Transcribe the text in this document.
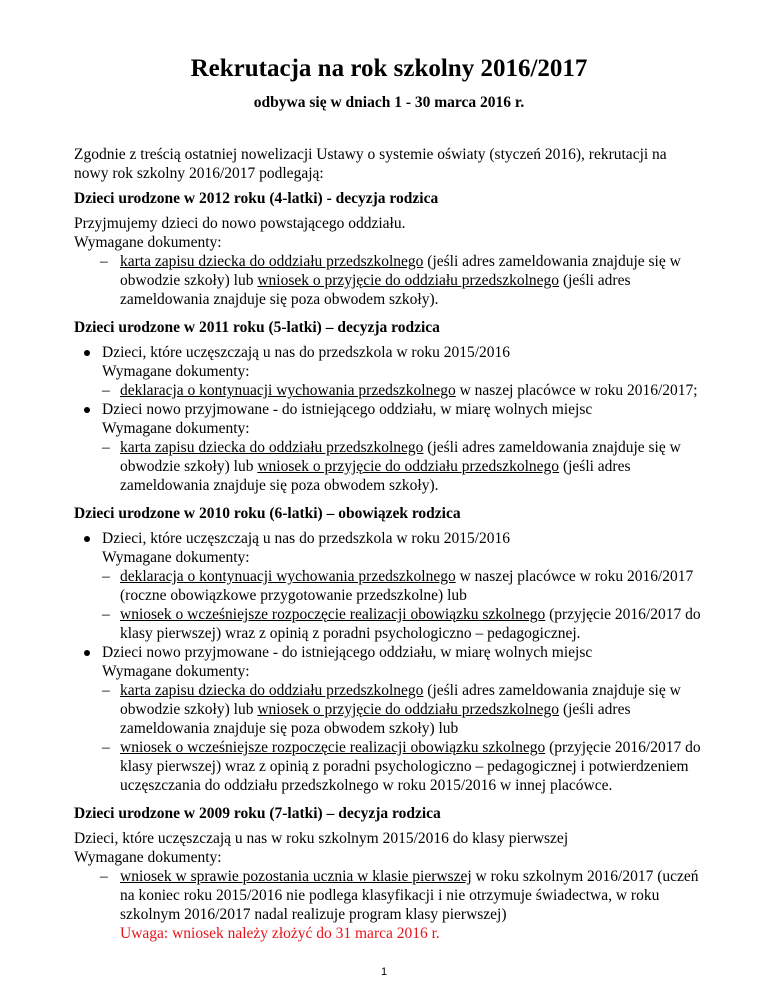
Rekrutacja na rok szkolny 2016/2017
odbywa się w dniach 1 - 30 marca 2016 r.

Zgodnie z treścią ostatniej nowelizacji Ustawy o systemie oświaty (styczeń 2016), rekrutacji na nowy rok szkolny 2016/2017 podlegają:

Dzieci urodzone w 2012 roku (4-latki) - decyzja rodzica

Przyjmujemy dzieci do nowo powstającego oddziału.

Wymagane dokumenty:

– karta zapisu dziecka do oddziału przedszkolnego (jeśli adres zameldowania znajduje się w obwodzie szkoły) lub wniosek o przyjęcie do oddziału przedszkolnego (jeśli adres zameldowania znajduje się poza obwodem szkoły).

Dzieci urodzone w 2011 roku (5-latki) – decyzja rodzica

Dzieci, które uczęszczają u nas do przedszkola w roku 2015/2016

Wymagane dokumenty:

– deklaracja o kontynuacji wychowania przedszkolnego w naszej placówce w roku 2016/2017;

Dzieci nowo przyjmowane - do istniejącego oddziału, w miarę wolnych miejsc

Wymagane dokumenty:

– karta zapisu dziecka do oddziału przedszkolnego (jeśli adres zameldowania znajduje się w obwodzie szkoły) lub wniosek o przyjęcie do oddziału przedszkolnego (jeśli adres zameldowania znajduje się poza obwodem szkoły).

Dzieci urodzone w 2010 roku (6-latki) – obowiązek rodzica

Dzieci, które uczęszczają u nas do przedszkola w roku 2015/2016

Wymagane dokumenty:

– deklaracja o kontynuacji wychowania przedszkolnego w naszej placówce w roku 2016/2017 (roczne obowiązkowe przygotowanie przedszkolne) lub

– wniosek o wcześniejsze rozpoczęcie realizacji obowiązku szkolnego (przyjęcie 2016/2017 do klasy pierwszej) wraz z opinią z poradni psychologiczno – pedagogicznej.

Dzieci nowo przyjmowane - do istniejącego oddziału, w miarę wolnych miejsc

Wymagane dokumenty:

– karta zapisu dziecka do oddziału przedszkolnego (jeśli adres zameldowania znajduje się w obwodzie szkoły) lub wniosek o przyjęcie do oddziału przedszkolnego (jeśli adres zameldowania znajduje się poza obwodem szkoły) lub

– wniosek o wcześniejsze rozpoczęcie realizacji obowiązku szkolnego (przyjęcie 2016/2017 do klasy pierwszej) wraz z opinią z poradni psychologiczno – pedagogicznej i potwierdzeniem uczęszczania do oddziału przedszkolnego w roku 2015/2016 w innej placówce.

Dzieci urodzone w 2009 roku (7-latki) – decyzja rodzica

Dzieci, które uczęszczają u nas w roku szkolnym 2015/2016 do klasy pierwszej

Wymagane dokumenty:

– wniosek w sprawie pozostania ucznia w klasie pierwszej w roku szkolnym 2016/2017 (uczeń na koniec roku 2015/2016 nie podlega klasyfikacji i nie otrzymuje świadectwa, w roku szkolnym 2016/2017 nadal realizuje program klasy pierwszej)

Uwaga: wniosek należy złożyć do 31 marca 2016 r.

1
